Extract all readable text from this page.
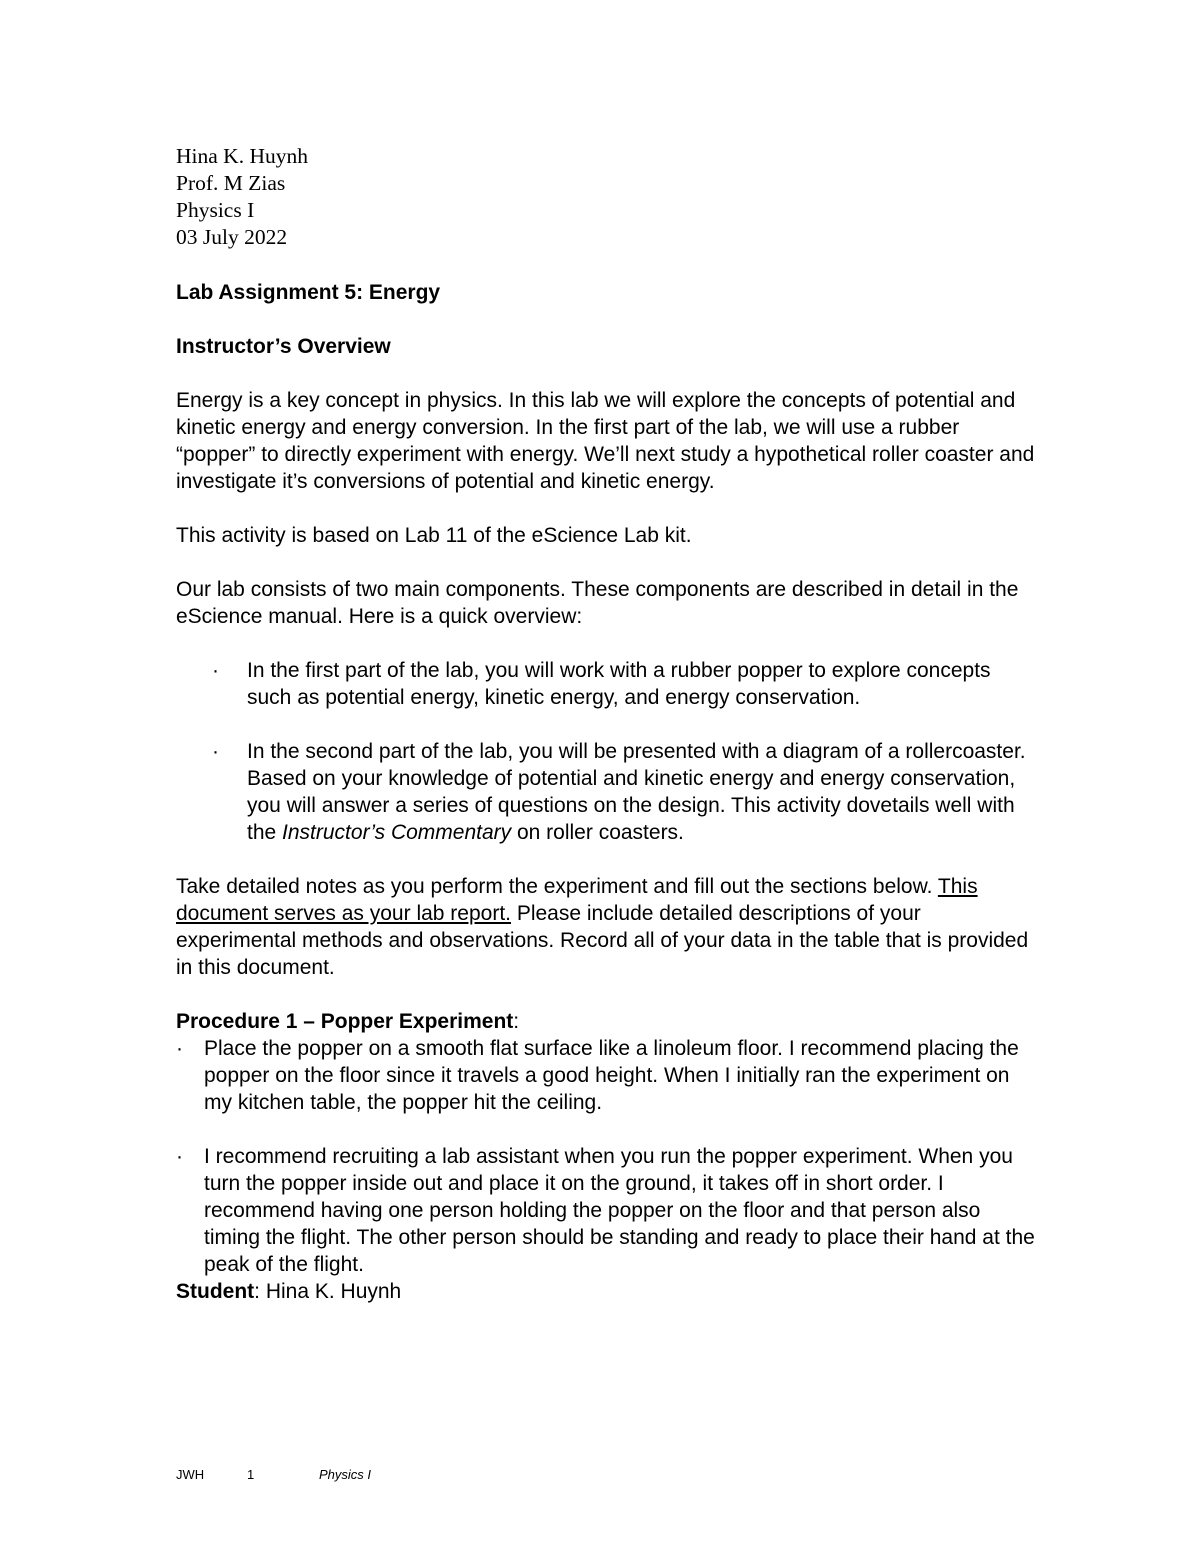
Hina K. Huynh
Prof. M Zias
Physics I
03 July 2022

Lab Assignment 5: Energy

Instructor’s Overview

Energy is a key concept in physics. In this lab we will explore the concepts of potential and kinetic energy and energy conversion. In the first part of the lab, we will use a rubber “popper” to directly experiment with energy. We’ll next study a hypothetical roller coaster and investigate it’s conversions of potential and kinetic energy.

This activity is based on Lab 11 of the eScience Lab kit.

Our lab consists of two main components. These components are described in detail in the eScience manual. Here is a quick overview:

· In the first part of the lab, you will work with a rubber popper to explore concepts such as potential energy, kinetic energy, and energy conservation.
· In the second part of the lab, you will be presented with a diagram of a rollercoaster. Based on your knowledge of potential and kinetic energy and energy conservation, you will answer a series of questions on the design. This activity dovetails well with the Instructor’s Commentary on roller coasters.

Take detailed notes as you perform the experiment and fill out the sections below. This document serves as your lab report. Please include detailed descriptions of your experimental methods and observations. Record all of your data in the table that is provided in this document.

Procedure 1 – Popper Experiment:

· Place the popper on a smooth flat surface like a linoleum floor. I recommend placing the popper on the floor since it travels a good height. When I initially ran the experiment on my kitchen table, the popper hit the ceiling.
· I recommend recruiting a lab assistant when you run the popper experiment. When you turn the popper inside out and place it on the ground, it takes off in short order. I recommend having one person holding the popper on the floor and that person also timing the flight. The other person should be standing and ready to place their hand at the peak of the flight.

Student: Hina K. Huynh

JWH	1	Physics I
